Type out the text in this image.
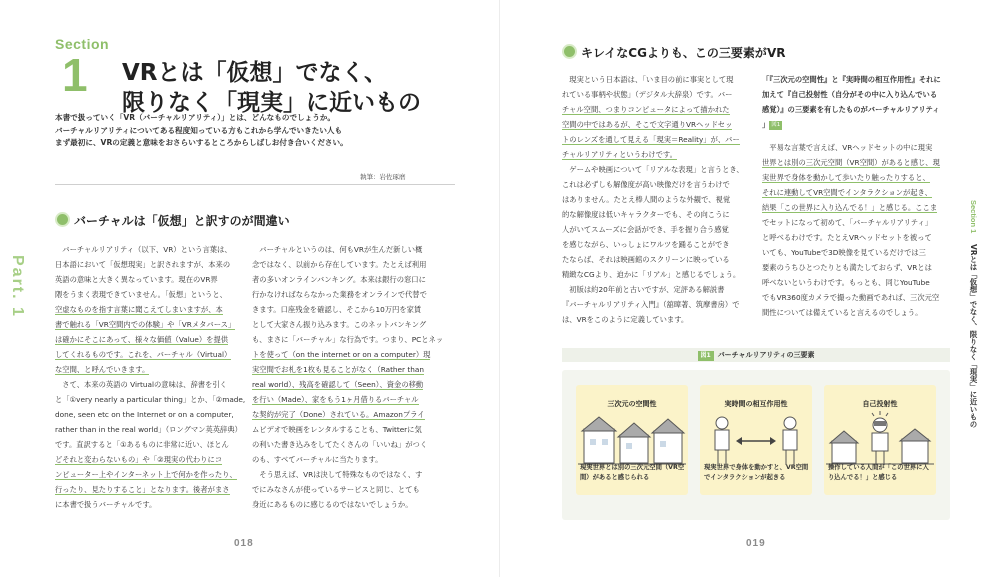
Section
1 VRとは「仮想」でなく、
限りなく「現実」に近いもの
本書で扱っていく「VR（バーチャルリアリティ）」とは、どんなものでしょうか。
バーチャルリアリティについてある程度知っている方もこれから学んでいきたい人も
まず最初に、VRの定義と意味をおさらいするところからしばしお付き合いください。
執筆：岩佐琢磨
バーチャルは「仮想」と訳すのが間違い

　バーチャルリアリティ（以下、VR）という言葉は、

日本語において「仮想現実」と訳されますが、本来の

英語の意味と大きく異なっています。現在のVR界

隈をうまく表現できていません。「仮想」というと、

空虚なものを指す言葉に聞こえてしまいますが、本

書で触れる「VR空間内での体験」や「VRメタバース」

は確かにそこにあって、様々な価値（Value）を提供

してくれるものです。これを、バーチャル（Virtual）

な空間、と呼んでいきます。

　さて、本来の英語の Virtualの意味は、辞書を引く

と「①very nearly a particular thing」とか、「②made,

done, seen etc on the Internet or on a computer,

rather than in the real world」（ロングマン英英辞典）

です。直訳すると「①あるものに非常に近い、ほとん

どそれと変わらないもの」や「②現実の代わりにコ

ンピューター上やインターネット上で何かを作ったり、

行ったり、見たりすること」となります。後者がまさ

に本書で扱うバーチャルです。

　バーチャルというのは、何もVRが生んだ新しい概

念ではなく、以前から存在しています。たとえば利用

者の多いオンラインバンキング。本来は銀行の窓口に

行かなければならなかった業務をオンラインで代替で

きます。口座残金を確認し、そこから10万円を家賃

として大家さん振り込みます。このネットバンキング

も、まさに「バーチャル」な行為です。つまり、PCとネッ

トを使って（on the internet or on a computer）現

実空間でお札を1枚も見ることがなく（Rather than

real world）、残高を確認して（Seen）、資金の移動

を行い（Made）、家をもう1ヶ月借りるバーチャル

な契約が完了（Done）されている。Amazonプライ

ムビデオで映画をレンタルすることも、Twitterに気

の利いた書き込みをしてたくさんの「いいね」がつく

のも、すべてバーチャルに当たります。

　そう思えば、VRは決して特殊なものではなく、す

でにみなさんが使っているサービスと同じ、とても

身近にあるものに感じるのではないでしょうか。

Part. 1
018
キレイなCGよりも、この三要素がVR

　現実という日本語は、「いま目の前に事実として現

れている事柄や状態」（デジタル大辞泉）です。バー

チャル空間、つまりコンピュータによって描かれた

空間の中ではあるが、そこで文字通りVRヘッドセッ

トのレンズを通して見える「現実＝Reality」が、バー

チャルリアリティというわけです。

　ゲームや映画について「リアルな表現」と言うとき、

これは必ずしも解像度が高い映像だけを言うわけで

はありません。たとえ棒人間のような外観で、視覚

的な解像度は低いキャラクターでも、その向こうに

人がいてスムーズに会話ができ、手を握り合う感覚

を感じながら、いっしょにワルツを踊ることができ

たならば、それは映画館のスクリーンに映っている

精緻なCGより、迫かに「リアル」と感じるでしょう。

　初版は約20年前と古いですが、定評ある解説書

『バーチャルリアリティ入門』（舘暲著、筑摩書房）で

は、VRをこのように定義しています。

「『三次元の空間性』と『実時間の相互作用性』それに

加えて『自己投射性（自分がその中に入り込んでいる

感覚）』の三要素を有したものがバーチャルリアリティ

」 図1

　平易な言葉で言えば、VRヘッドセットの中に現実

世界とは別の三次元空間（VR空間）があると感じ、現

実世界で身体を動かして歩いたり触ったりすると、

それに連動してVR空間でインタラクションが起き、

結果「この世界に入り込んでる！」と感じる。ここま

でセットになって初めて、「バーチャルリアリティ」

と呼べるわけです。たとえVRヘッドセットを被って

いても、YouTubeで3D映像を見ているだけでは三

要素のうちひとつたりとも満たしておらず、VRとは

呼べないというわけです。もっとも、同じYouTube

でもVR360度カメラで撮った動画であれば、三次元空

間性については備えていると言えるのでしょう。

019
Section 1 VRとは「仮想」でなく、限りなく「現実」に近いもの
図1 バーチャルリアリティの三要素
三次元の空間性	実時間の相互作用性	自己投射性
現実世界とは別の三次元空間（VR空
間）があると感じられる
現実世界で身体を動かすと、VR空間
でインタラクションが起きる
操作している人間が「この世界に入
り込んでる！」と感じる
